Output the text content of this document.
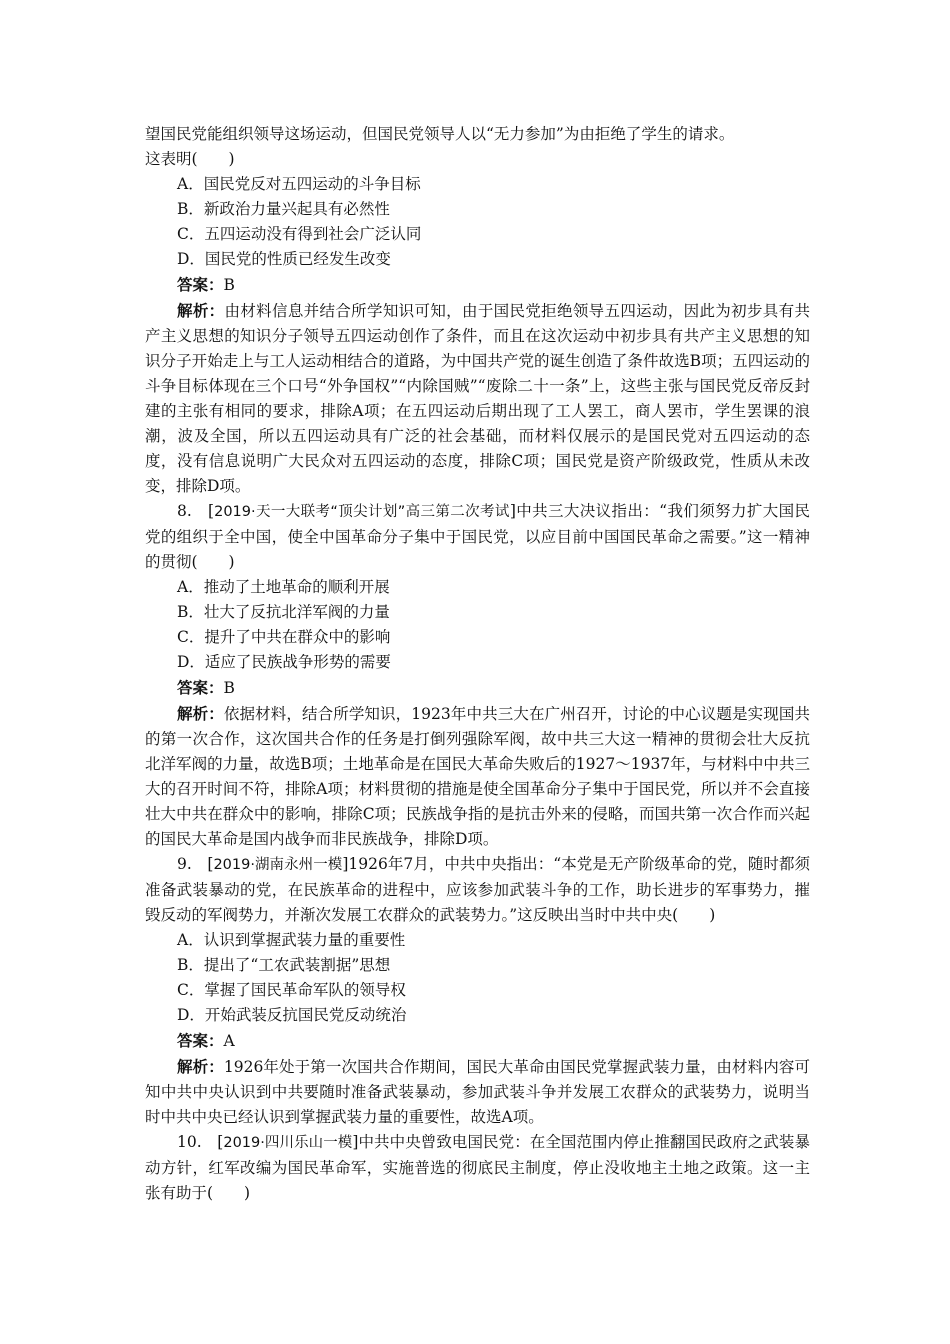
望国民党能组织领导这场运动，但国民党领导人以“无力参加”为由拒绝了学生的请求。

这表明(　　)

A．国民党反对五四运动的斗争目标

B．新政治力量兴起具有必然性

C．五四运动没有得到社会广泛认同

D．国民党的性质已经发生改变

答案：B

解析：由材料信息并结合所学知识可知，由于国民党拒绝领导五四运动，因此为初步具有共产主义思想的知识分子领导五四运动创作了条件，而且在这次运动中初步具有共产主义思想的知识分子开始走上与工人运动相结合的道路，为中国共产党的诞生创造了条件故选B项；五四运动的斗争目标体现在三个口号“外争国权”“内除国贼”“废除二十一条”上，这些主张与国民党反帝反封建的主张有相同的要求，排除A项；在五四运动后期出现了工人罢工，商人罢市，学生罢课的浪潮，波及全国，所以五四运动具有广泛的社会基础，而材料仅展示的是国民党对五四运动的态度，没有信息说明广大民众对五四运动的态度，排除C项；国民党是资产阶级政党，性质从未改变，排除D项。

8.　[2019·天一大联考“顶尖计划”高三第二次考试]中共三大决议指出：“我们须努力扩大国民党的组织于全中国，使全中国革命分子集中于国民党，以应目前中国国民革命之需要。”这一精神的贯彻(　　)

A．推动了土地革命的顺利开展

B．壮大了反抗北洋军阀的力量

C．提升了中共在群众中的影响

D．适应了民族战争形势的需要

答案：B

解析：依据材料，结合所学知识，1923年中共三大在广州召开，讨论的中心议题是实现国共的第一次合作，这次国共合作的任务是打倒列强除军阀，故中共三大这一精神的贯彻会壮大反抗北洋军阀的力量，故选B项；土地革命是在国民大革命失败后的1927～1937年，与材料中中共三大的召开时间不符，排除A项；材料贯彻的措施是使全国革命分子集中于国民党，所以并不会直接壮大中共在群众中的影响，排除C项；民族战争指的是抗击外来的侵略，而国共第一次合作而兴起的国民大革命是国内战争而非民族战争，排除D项。

9.　[2019·湖南永州一模]1926年7月，中共中央指出：“本党是无产阶级革命的党，随时都须准备武装暴动的党，在民族革命的进程中，应该参加武装斗争的工作，助长进步的军事势力，摧毁反动的军阀势力，并渐次发展工农群众的武装势力。”这反映出当时中共中央(　　)

A．认识到掌握武装力量的重要性

B．提出了“工农武装割据”思想

C．掌握了国民革命军队的领导权

D．开始武装反抗国民党反动统治

答案：A

解析：1926年处于第一次国共合作期间，国民大革命由国民党掌握武装力量，由材料内容可知中共中央认识到中共要随时准备武装暴动，参加武装斗争并发展工农群众的武装势力，说明当时中共中央已经认识到掌握武装力量的重要性，故选A项。

10.　[2019·四川乐山一模]中共中央曾致电国民党：在全国范围内停止推翻国民政府之武装暴动方针，红军改编为国民革命军，实施普选的彻底民主制度，停止没收地主土地之政策。这一主张有助于(　　)
